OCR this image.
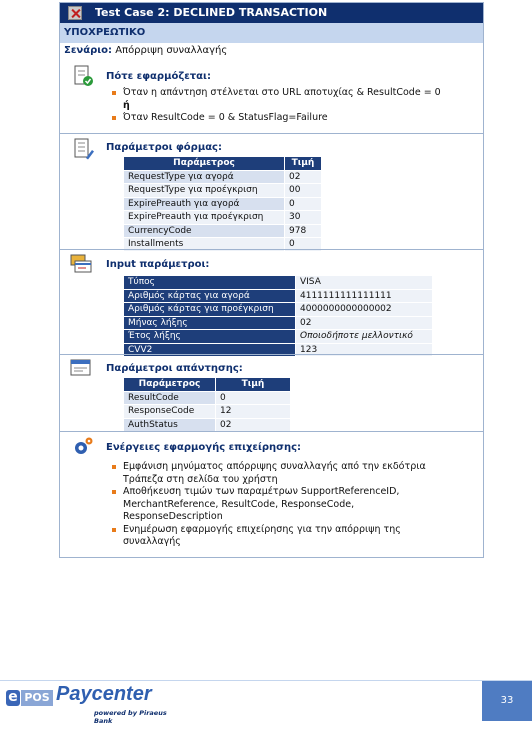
Test Case 2: DECLINED TRANSACTION
ΥΠΟΧΡΕΩΤΙΚΟ
Σενάριο: Απόρριψη συναλλαγής
Πότε εφαρμόζεται:
Όταν η απάντηση στέλνεται στο URL αποτυχίας & ResultCode = 0
ή
Όταν ResultCode = 0 & StatusFlag=Failure
Παράμετροι φόρμας:
Παράμετρος	Τιμή
RequestType για αγορά	02
RequestType για προέγκριση	00
ExpirePreauth για αγορά	0
ExpirePreauth για προέγκριση	30
CurrencyCode	978
Installments	0
Input παράμετροι:
Τύπος	VISA
Αριθμός κάρτας για αγορά	4111111111111111
Αριθμός κάρτας για προέγκριση	4000000000000002
Μήνας λήξης	02
Έτος λήξης	Οποιοδήποτε μελλοντικό
CVV2	123
Παράμετροι απάντησης:
Παράμετρος	Τιμή
ResultCode	0
ResponseCode	12
AuthStatus	02
Ενέργειες εφαρμογής επιχείρησης:
Εμφάνιση μηνύματος απόρριψης συναλλαγής από την εκδότρια Τράπεζα στη σελίδα του χρήστη
Αποθήκευση τιμών των παραμέτρων SupportReferenceID, MerchantReference, ResultCode, ResponseCode, ResponseDescription
Ενημέρωση εφαρμογής επιχείρησης για την απόρριψη της συναλλαγής
e POS Paycenter
powered by Piraeus Bank
33
